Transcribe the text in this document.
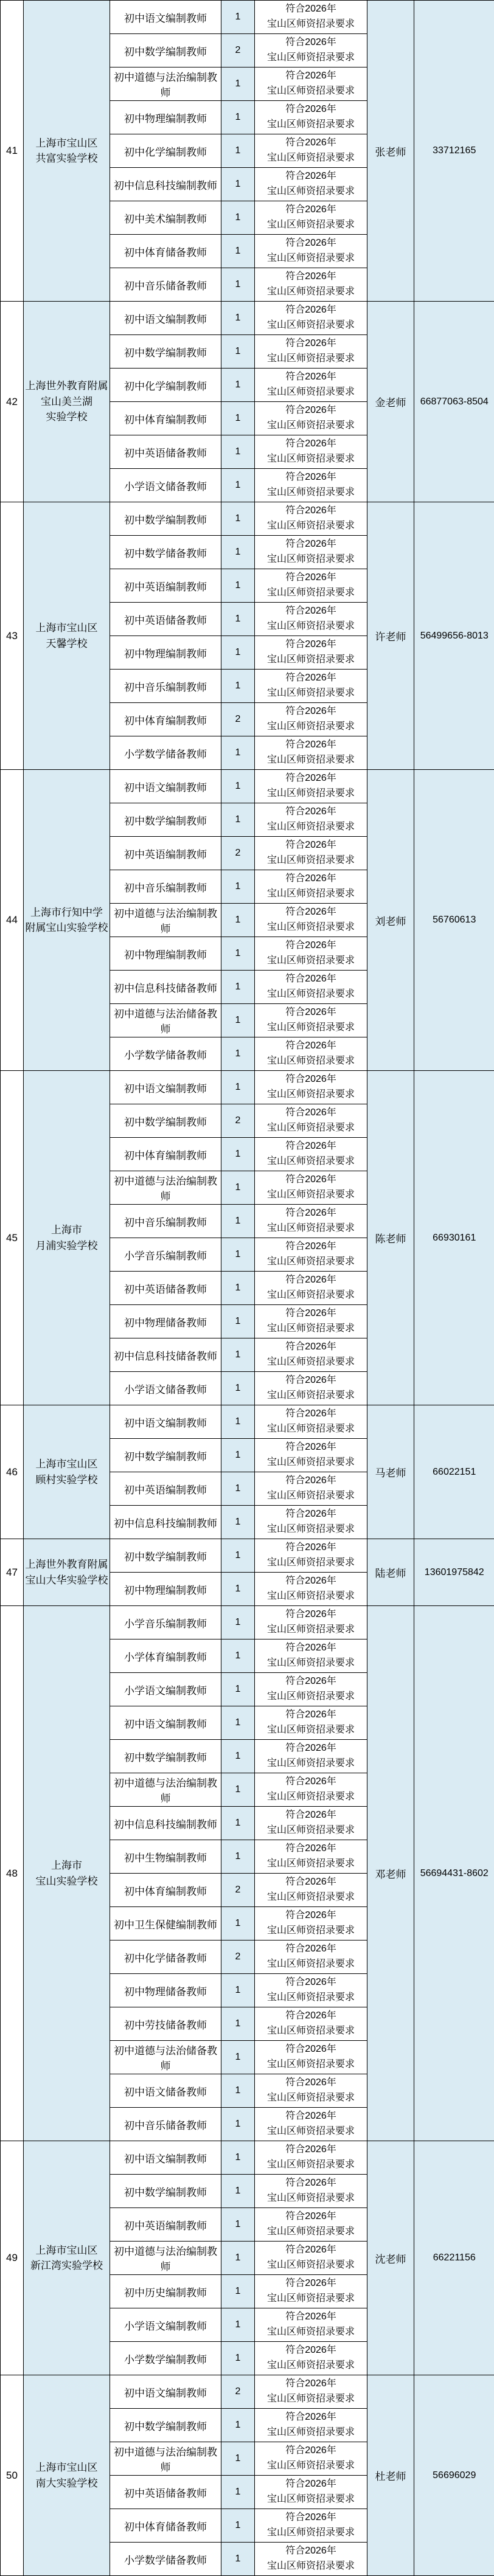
41	上海市宝山区
共富实验学校	初中语文编制教师	1	符合2026年
宝山区师资招录要求	张老师	33712165

		初中数学编制教师	2	符合2026年
宝山区师资招录要求		

		初中道德与法治编制教师	1	符合2026年
宝山区师资招录要求		

		初中物理编制教师	1	符合2026年
宝山区师资招录要求		

		初中化学编制教师	1	符合2026年
宝山区师资招录要求		

		初中信息科技编制教师	1	符合2026年
宝山区师资招录要求		

		初中美术编制教师	1	符合2026年
宝山区师资招录要求		

		初中体育储备教师	1	符合2026年
宝山区师资招录要求		

		初中音乐储备教师	1	符合2026年
宝山区师资招录要求		

42	上海世外教育附属
宝山美兰湖
实验学校	初中语文编制教师	1	符合2026年
宝山区师资招录要求	金老师	66877063-8504

		初中数学编制教师	1	符合2026年
宝山区师资招录要求		

		初中化学编制教师	1	符合2026年
宝山区师资招录要求		

		初中体育编制教师	1	符合2026年
宝山区师资招录要求		

		初中英语储备教师	1	符合2026年
宝山区师资招录要求		

		小学语文储备教师	1	符合2026年
宝山区师资招录要求		

43	上海市宝山区
天馨学校	初中数学编制教师	1	符合2026年
宝山区师资招录要求	许老师	56499656-8013

		初中数学储备教师	1	符合2026年
宝山区师资招录要求		

		初中英语编制教师	1	符合2026年
宝山区师资招录要求		

		初中英语储备教师	1	符合2026年
宝山区师资招录要求		

		初中物理编制教师	1	符合2026年
宝山区师资招录要求		

		初中音乐编制教师	1	符合2026年
宝山区师资招录要求		

		初中体育编制教师	2	符合2026年
宝山区师资招录要求		

		小学数学储备教师	1	符合2026年
宝山区师资招录要求		

44	上海市行知中学
附属宝山实验学校	初中语文编制教师	1	符合2026年
宝山区师资招录要求	刘老师	56760613

		初中数学编制教师	1	符合2026年
宝山区师资招录要求		

		初中英语编制教师	2	符合2026年
宝山区师资招录要求		

		初中音乐编制教师	1	符合2026年
宝山区师资招录要求		

		初中道德与法治编制教师	1	符合2026年
宝山区师资招录要求		

		初中物理编制教师	1	符合2026年
宝山区师资招录要求		

		初中信息科技储备教师	1	符合2026年
宝山区师资招录要求		

		初中道德与法治储备教师	1	符合2026年
宝山区师资招录要求		

		小学数学储备教师	1	符合2026年
宝山区师资招录要求		

45	上海市
月浦实验学校	初中语文编制教师	1	符合2026年
宝山区师资招录要求	陈老师	66930161

		初中数学编制教师	2	符合2026年
宝山区师资招录要求		

		初中体育编制教师	1	符合2026年
宝山区师资招录要求		

		初中道德与法治编制教师	1	符合2026年
宝山区师资招录要求		

		初中音乐编制教师	1	符合2026年
宝山区师资招录要求		

		小学音乐编制教师	1	符合2026年
宝山区师资招录要求		

		初中英语储备教师	1	符合2026年
宝山区师资招录要求		

		初中物理储备教师	1	符合2026年
宝山区师资招录要求		

		初中信息科技储备教师	1	符合2026年
宝山区师资招录要求		

		小学语文储备教师	1	符合2026年
宝山区师资招录要求		

46	上海市宝山区
顾村实验学校	初中语文编制教师	1	符合2026年
宝山区师资招录要求	马老师	66022151

		初中数学编制教师	1	符合2026年
宝山区师资招录要求		

		初中英语编制教师	1	符合2026年
宝山区师资招录要求		

		初中信息科技编制教师	1	符合2026年
宝山区师资招录要求		

47	上海世外教育附属
宝山大华实验学校	初中数学编制教师	1	符合2026年
宝山区师资招录要求	陆老师	13601975842

		初中物理编制教师	1	符合2026年
宝山区师资招录要求		

48	上海市
宝山实验学校	小学音乐编制教师	1	符合2026年
宝山区师资招录要求	邓老师	56694431-8602

		小学体育编制教师	1	符合2026年
宝山区师资招录要求		

		小学语文编制教师	1	符合2026年
宝山区师资招录要求		

		初中语文编制教师	1	符合2026年
宝山区师资招录要求		

		初中数学编制教师	1	符合2026年
宝山区师资招录要求		

		初中道德与法治编制教师	1	符合2026年
宝山区师资招录要求		

		初中信息科技编制教师	1	符合2026年
宝山区师资招录要求		

		初中生物编制教师	1	符合2026年
宝山区师资招录要求		

		初中体育编制教师	2	符合2026年
宝山区师资招录要求		

		初中卫生保健编制教师	1	符合2026年
宝山区师资招录要求		

		初中化学储备教师	2	符合2026年
宝山区师资招录要求		

		初中物理储备教师	1	符合2026年
宝山区师资招录要求		

		初中劳技储备教师	1	符合2026年
宝山区师资招录要求		

		初中道德与法治储备教师	1	符合2026年
宝山区师资招录要求		

		初中语文储备教师	1	符合2026年
宝山区师资招录要求		

		初中音乐储备教师	1	符合2026年
宝山区师资招录要求		

49	上海市宝山区
新江湾实验学校	初中语文编制教师	1	符合2026年
宝山区师资招录要求	沈老师	66221156

		初中数学编制教师	1	符合2026年
宝山区师资招录要求		

		初中英语编制教师	1	符合2026年
宝山区师资招录要求		

		初中道德与法治编制教师	1	符合2026年
宝山区师资招录要求		

		初中历史编制教师	1	符合2026年
宝山区师资招录要求		

		小学语文编制教师	1	符合2026年
宝山区师资招录要求		

		小学数学编制教师	1	符合2026年
宝山区师资招录要求		

50	上海市宝山区
南大实验学校	初中语文编制教师	2	符合2026年
宝山区师资招录要求	杜老师	56696029

		初中数学编制教师	1	符合2026年
宝山区师资招录要求		

		初中道德与法治编制教师	1	符合2026年
宝山区师资招录要求		

		初中英语储备教师	1	符合2026年
宝山区师资招录要求		

		初中体育储备教师	1	符合2026年
宝山区师资招录要求		

		小学数学储备教师	1	符合2026年
宝山区师资招录要求		
